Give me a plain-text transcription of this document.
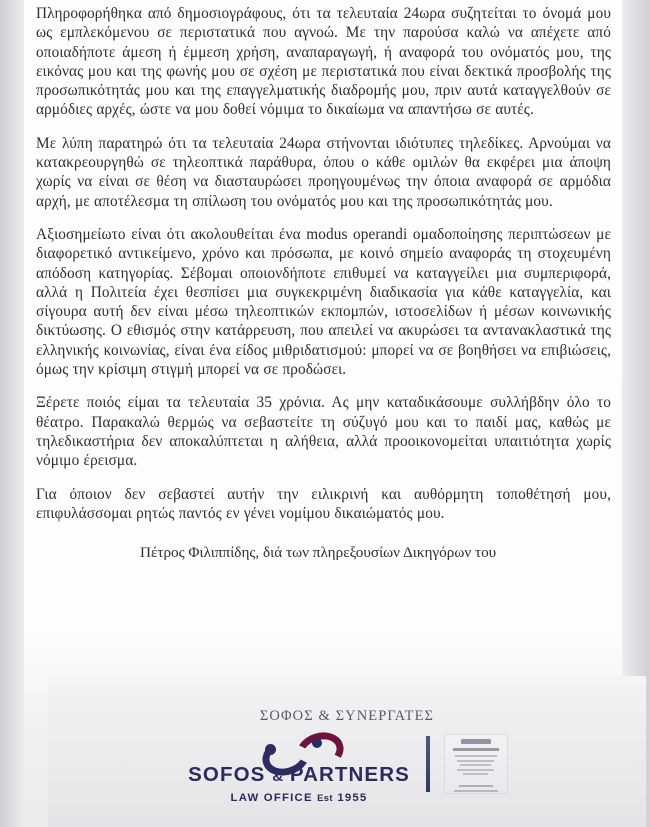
Πληροφορήθηκα από δημοσιογράφους, ότι τα τελευταία 24ωρα συζητείται το όνομά μου ως εμπλεκόμενου σε περιστατικά που αγνοώ. Με την παρούσα καλώ να απέχετε από οποιαδήποτε άμεση ή έμμεση χρήση, αναπαραγωγή, ή αναφορά του ονόματός μου, της εικόνας μου και της φωνής μου σε σχέση με περιστατικά που είναι δεκτικά προσβολής της προσωπικότητάς μου και της επαγγελματικής διαδρομής μου, πριν αυτά καταγγελθούν σε αρμόδιες αρχές, ώστε να μου δοθεί νόμιμα το δικαίωμα να απαντήσω σε αυτές.

Με λύπη παρατηρώ ότι τα τελευταία 24ωρα στήνονται ιδιότυπες τηλεδίκες. Αρνούμαι να κατακρεουργηθώ σε τηλεοπτικά παράθυρα, όπου ο κάθε ομιλών θα εκφέρει μια άποψη χωρίς να είναι σε θέση να διασταυρώσει προηγουμένως την όποια αναφορά σε αρμόδια αρχή, με αποτέλεσμα τη σπίλωση του ονόματός μου και της προσωπικότητάς μου.

Αξιοσημείωτο είναι ότι ακολουθείται ένα modus operandi ομαδοποίησης περιπτώσεων με διαφορετικό αντικείμενο, χρόνο και πρόσωπα, με κοινό σημείο αναφοράς τη στοχευμένη απόδοση κατηγορίας. Σέβομαι οποιονδήποτε επιθυμεί να καταγγείλει μια συμπεριφορά, αλλά η Πολιτεία έχει θεσπίσει μια συγκεκριμένη διαδικασία για κάθε καταγγελία, και σίγουρα αυτή δεν είναι μέσω τηλεοπτικών εκπομπών, ιστοσελίδων ή μέσων κοινωνικής δικτύωσης. Ο εθισμός στην κατάρρευση, που απειλεί να ακυρώσει τα αντανακλαστικά της ελληνικής κοινωνίας, είναι ένα είδος μιθριδατισμού: μπορεί να σε βοηθήσει να επιβιώσεις, όμως την κρίσιμη στιγμή μπορεί να σε προδώσει.

Ξέρετε ποιός είμαι τα τελευταία 35 χρόνια. Ας μην καταδικάσουμε συλλήβδην όλο το θέατρο. Παρακαλώ θερμώς να σεβαστείτε τη σύζυγό μου και το παιδί μας, καθώς με τηλεδικαστήρια δεν αποκαλύπτεται η αλήθεια, αλλά προοικονομείται υπαιτιότητα χωρίς νόμιμο έρεισμα.

Για όποιον δεν σεβαστεί αυτήν την ειλικρινή και αυθόρμητη τοποθέτησή μου, επιφυλάσσομαι ρητώς παντός εν γένει νομίμου δικαιώματός μου.

Πέτρος Φιλιππίδης, διά των πληρεξουσίων Δικηγόρων του

ΣΟΦΟΣ & ΣΥΝΕΡΓΑΤΕΣ
SOFOS & PARTNERS
LAW OFFICE Est 1955
